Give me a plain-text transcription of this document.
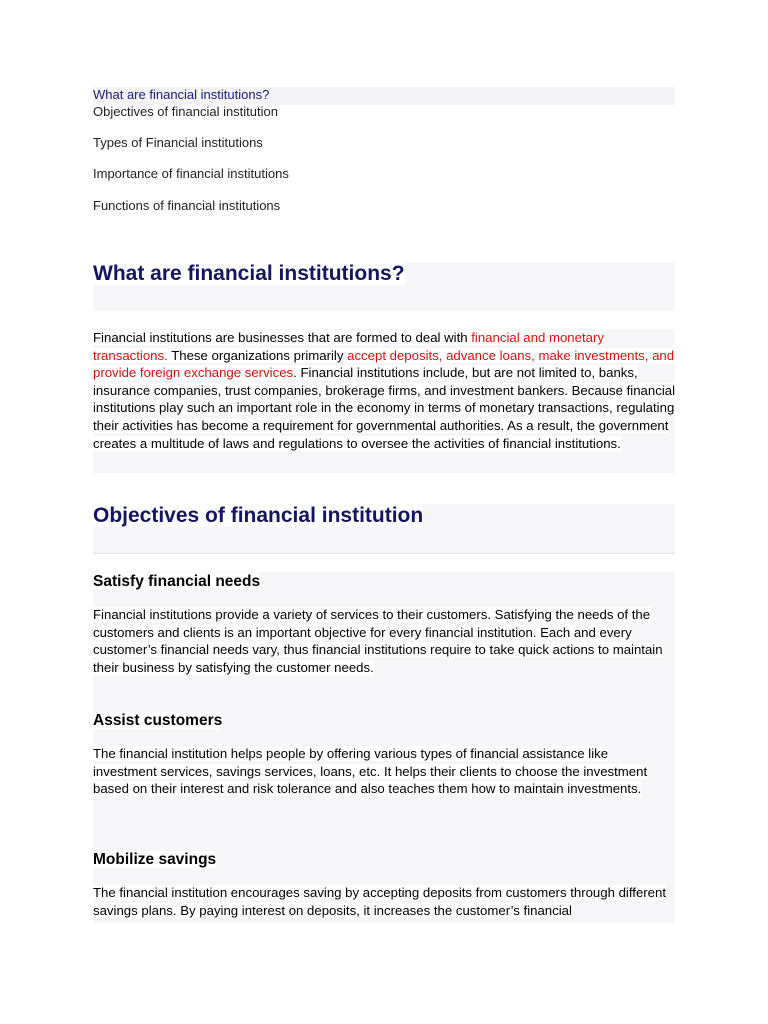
What are financial institutions?
Objectives of financial institution
Types of Financial institutions
Importance of financial institutions
Functions of financial institutions
What are financial institutions?

Financial institutions are businesses that are formed to deal with financial and monetary transactions. These organizations primarily accept deposits, advance loans, make investments, and provide foreign exchange services. Financial institutions include, but are not limited to, banks, insurance companies, trust companies, brokerage firms, and investment bankers. Because financial institutions play such an important role in the economy in terms of monetary transactions, regulating their activities has become a requirement for governmental authorities. As a result, the government creates a multitude of laws and regulations to oversee the activities of financial institutions.

Objectives of financial institution
Satisfy financial needs

Financial institutions provide a variety of services to their customers. Satisfying the needs of the customers and clients is an important objective for every financial institution. Each and every customer’s financial needs vary, thus financial institutions require to take quick actions to maintain their business by satisfying the customer needs.

Assist customers

The financial institution helps people by offering various types of financial assistance like investment services, savings services, loans, etc. It helps their clients to choose the investment based on their interest and risk tolerance and also teaches them how to maintain investments.

Mobilize savings

The financial institution encourages saving by accepting deposits from customers through different savings plans. By paying interest on deposits, it increases the customer’s financial
